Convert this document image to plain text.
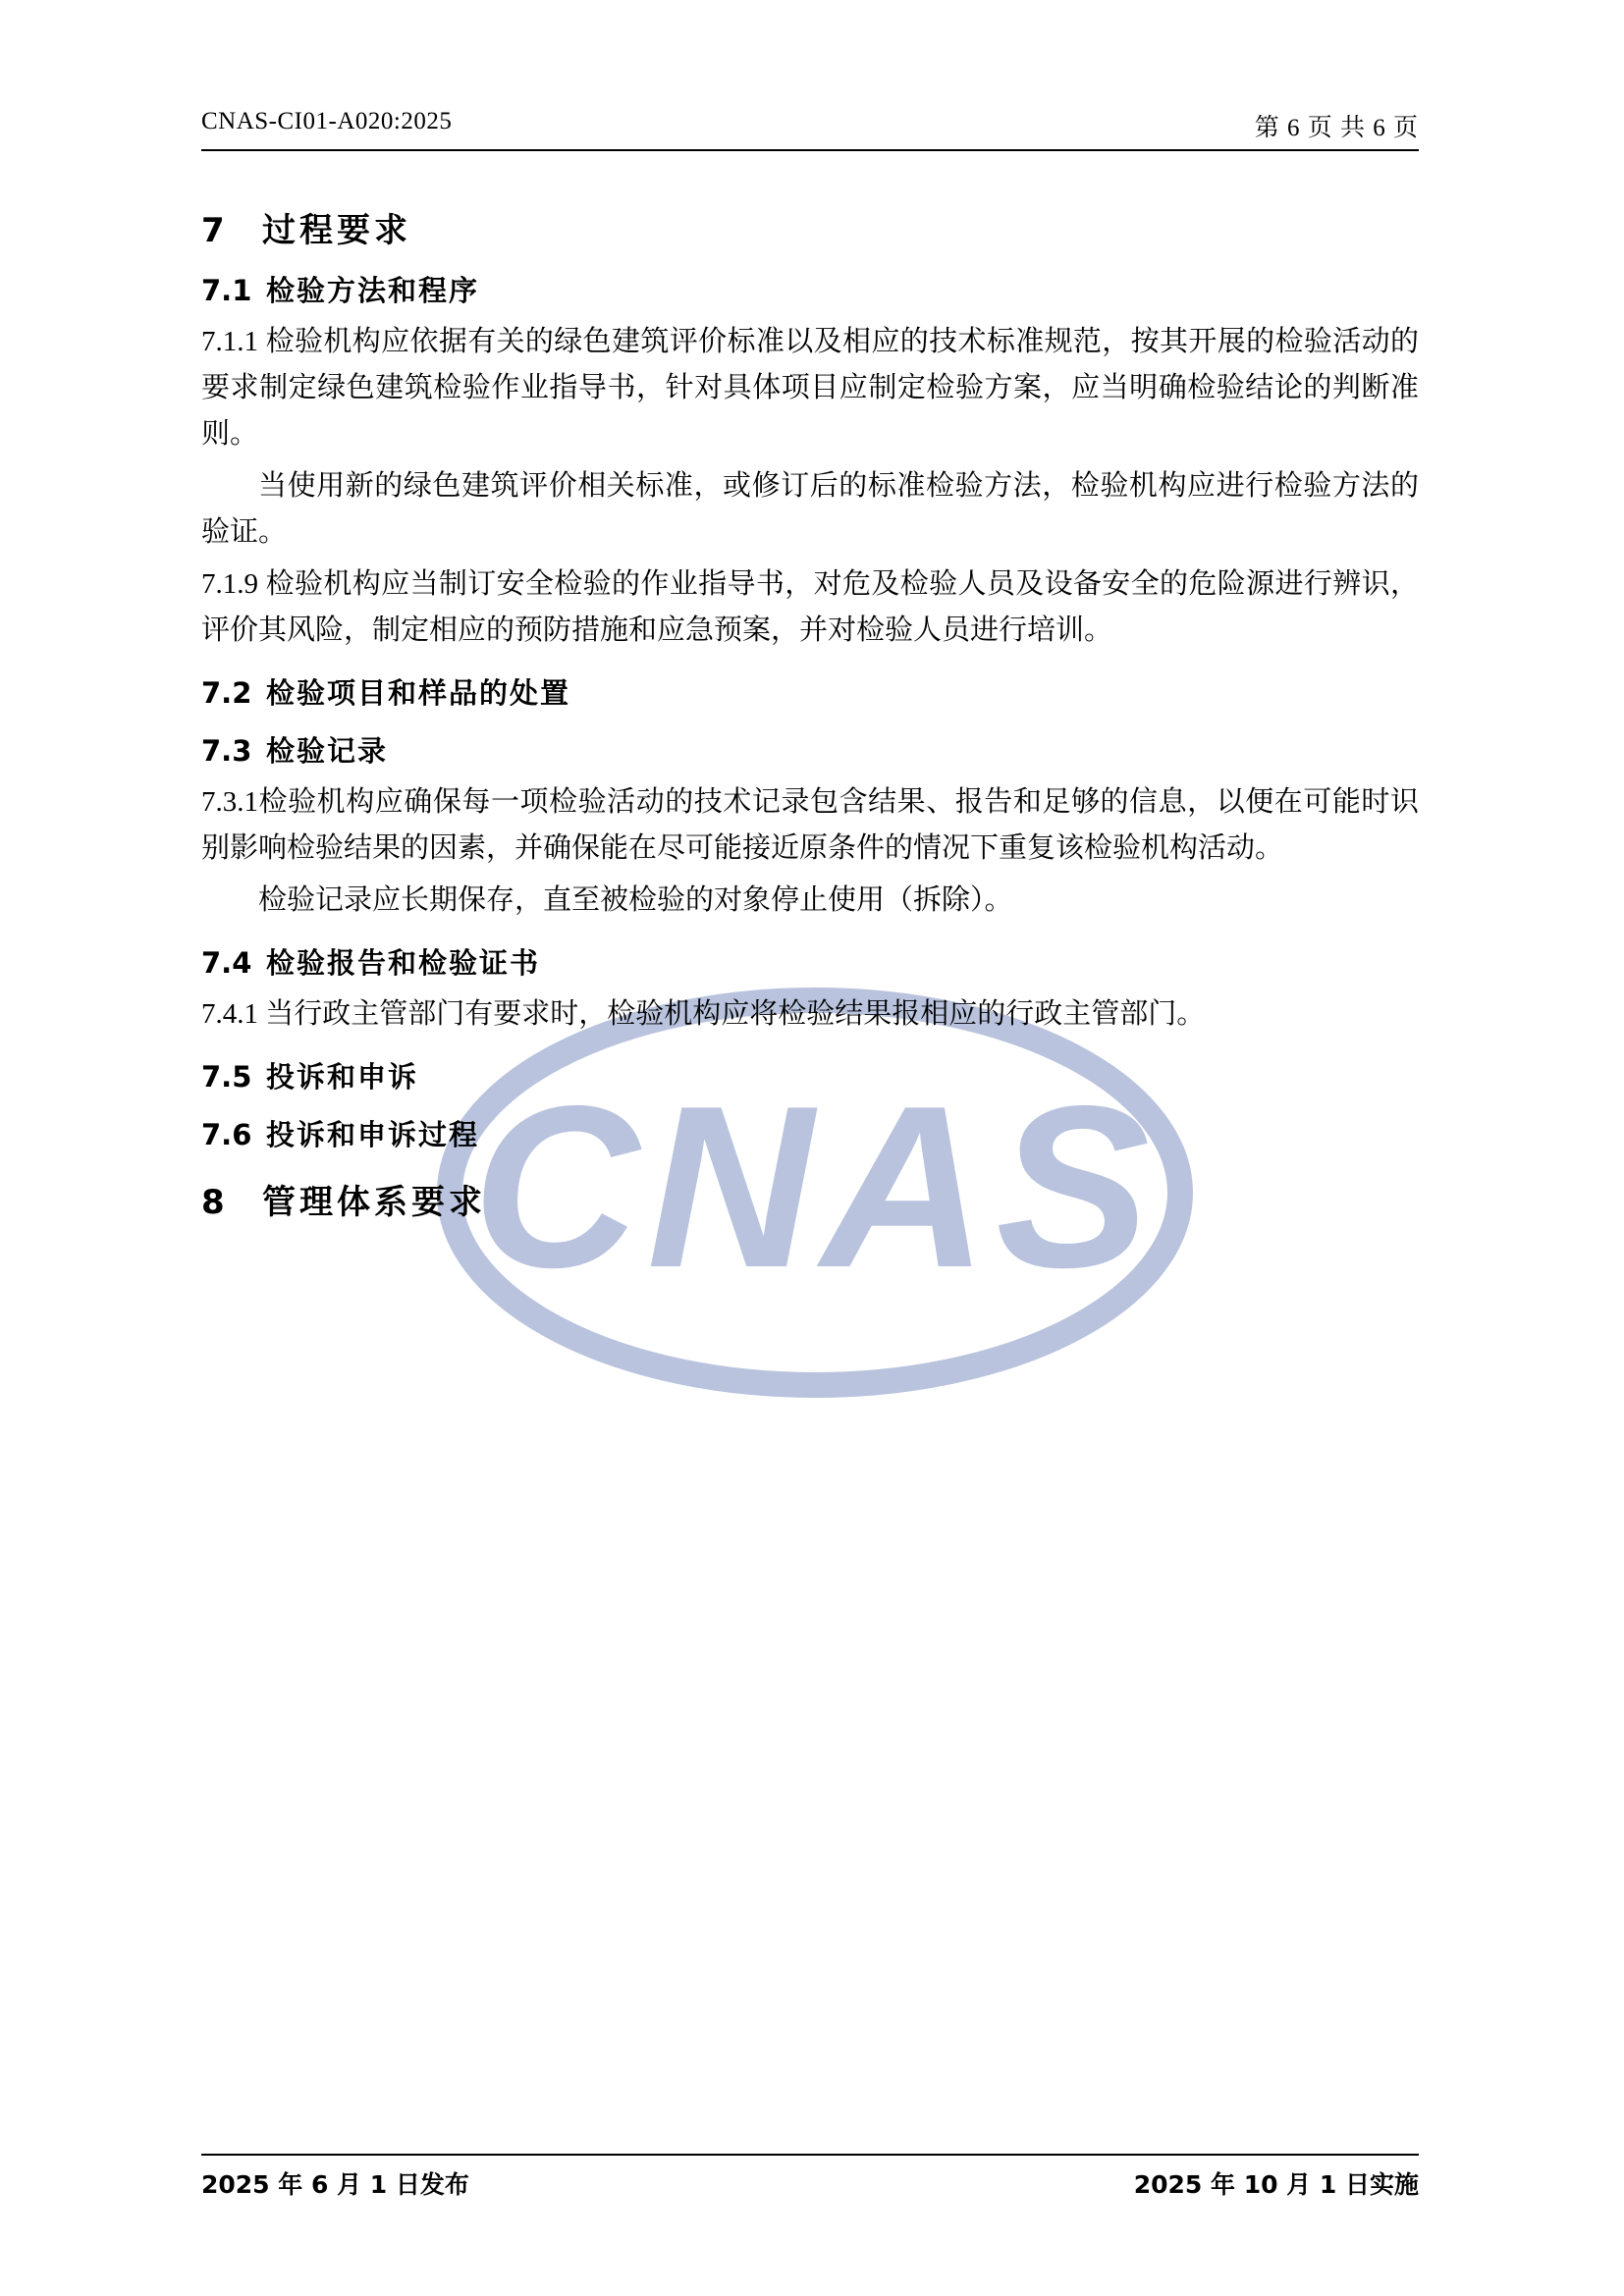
CNAS
CNAS-CI01-A020:2025	第 6 页 共 6 页
7	过程要求
7.1 检验方法和程序

7.1.1 检验机构应依据有关的绿色建筑评价标准以及相应的技术标准规范，按其开展的检验活动的要求制定绿色建筑检验作业指导书，针对具体项目应制定检验方案，应当明确检验结论的判断准则。

当使用新的绿色建筑评价相关标准，或修订后的标准检验方法，检验机构应进行检验方法的验证。

7.1.9 检验机构应当制订安全检验的作业指导书，对危及检验人员及设备安全的危险源进行辨识，评价其风险，制定相应的预防措施和应急预案，并对检验人员进行培训。

7.2 检验项目和样品的处置
7.3 检验记录

7.3.1检验机构应确保每一项检验活动的技术记录包含结果、报告和足够的信息，以便在可能时识别影响检验结果的因素，并确保能在尽可能接近原条件的情况下重复该检验机构活动。

检验记录应长期保存，直至被检验的对象停止使用（拆除）。

7.4 检验报告和检验证书

7.4.1 当行政主管部门有要求时，检验机构应将检验结果报相应的行政主管部门。

7.5 投诉和申诉
7.6 投诉和申诉过程
8	管理体系要求
2025 年 6 月 1 日发布	2025 年 10 月 1 日实施
